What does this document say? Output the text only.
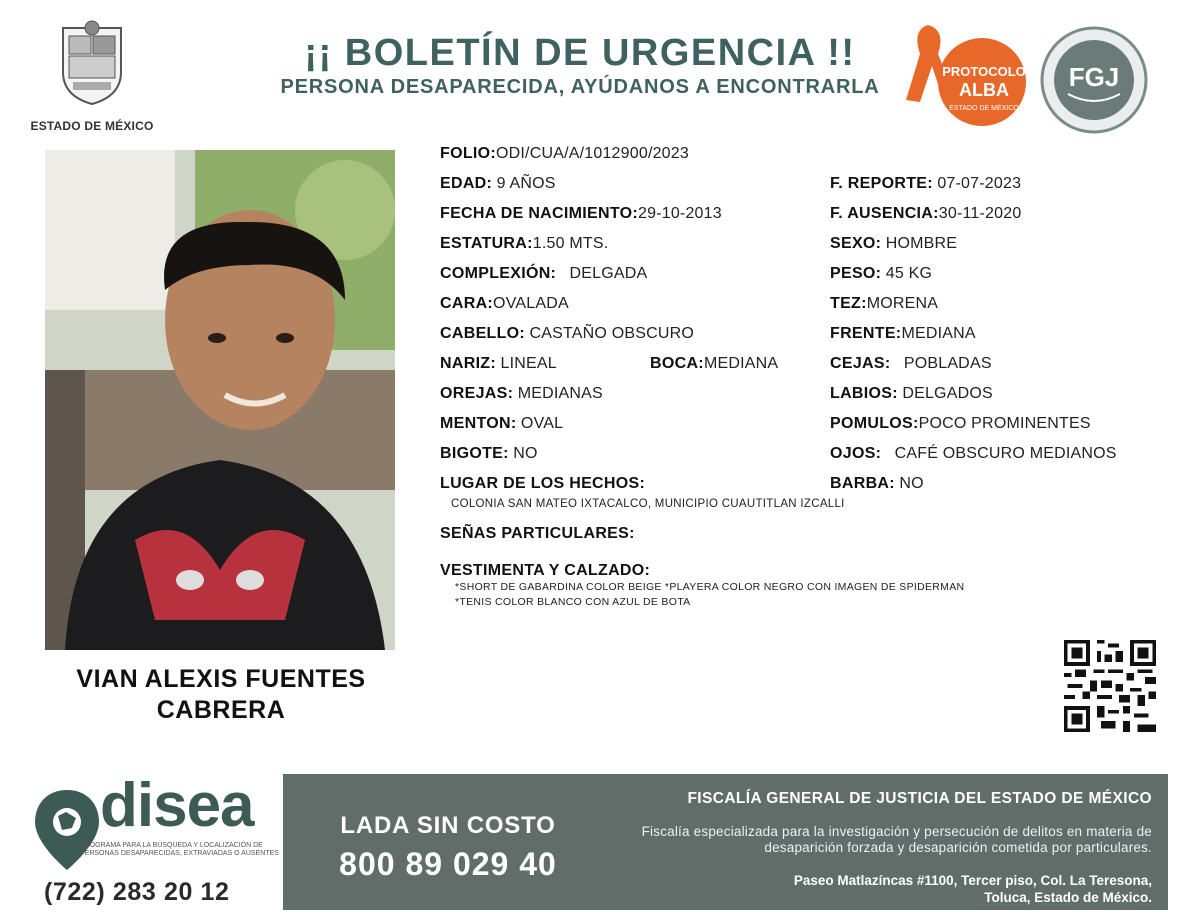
ESTADO DE MÉXICO
¡¡ BOLETÍN DE URGENCIA !!
PERSONA DESAPARECIDA, AYÚDANOS A ENCONTRARLA
PROTOCOLO
ALBA
ESTADO DE MÉXICO
FGJ
VIAN ALEXIS FUENTES
CABRERA
FOLIO:ODI/CUA/A/1012900/2023
EDAD: 9 AÑOS	F. REPORTE: 07-07-2023
FECHA DE NACIMIENTO:29-10-2013	F. AUSENCIA:30-11-2020
ESTATURA:1.50 MTS.	SEXO: HOMBRE
COMPLEXIÓN: DELGADA	PESO: 45 KG
CARA:OVALADA	TEZ:MORENA
CABELLO: CASTAÑO OBSCURO	FRENTE:MEDIANA
NARIZ: LINEAL	BOCA:MEDIANA	CEJAS: POBLADAS
OREJAS: MEDIANAS	LABIOS: DELGADOS
MENTON: OVAL	POMULOS:POCO PROMINENTES
BIGOTE: NO	OJOS: CAFÉ OBSCURO MEDIANOS
LUGAR DE LOS HECHOS:	BARBA: NO
COLONIA SAN MATEO IXTACALCO, MUNICIPIO CUAUTITLAN IZCALLI
SEÑAS PARTICULARES:
VESTIMENTA Y CALZADO:
*SHORT DE GABARDINA COLOR BEIGE *PLAYERA COLOR NEGRO CON IMAGEN DE SPIDERMAN *TENIS COLOR BLANCO CON AZUL DE BOTA
disea
PROGRAMA PARA LA BÚSQUEDA Y LOCALIZACIÓN DE PERSONAS DESAPARECIDAS, EXTRAVIADAS O AUSENTES
(722) 283 20 12
LADA SIN COSTO
800 89 029 40
FISCALÍA GENERAL DE JUSTICIA DEL ESTADO DE MÉXICO
Fiscalía especializada para la investigación y persecución de delitos en materia de desaparición forzada y desaparición cometida por particulares.
Paseo Matlazíncas #1100, Tercer piso, Col. La Teresona,
Toluca, Estado de México.
